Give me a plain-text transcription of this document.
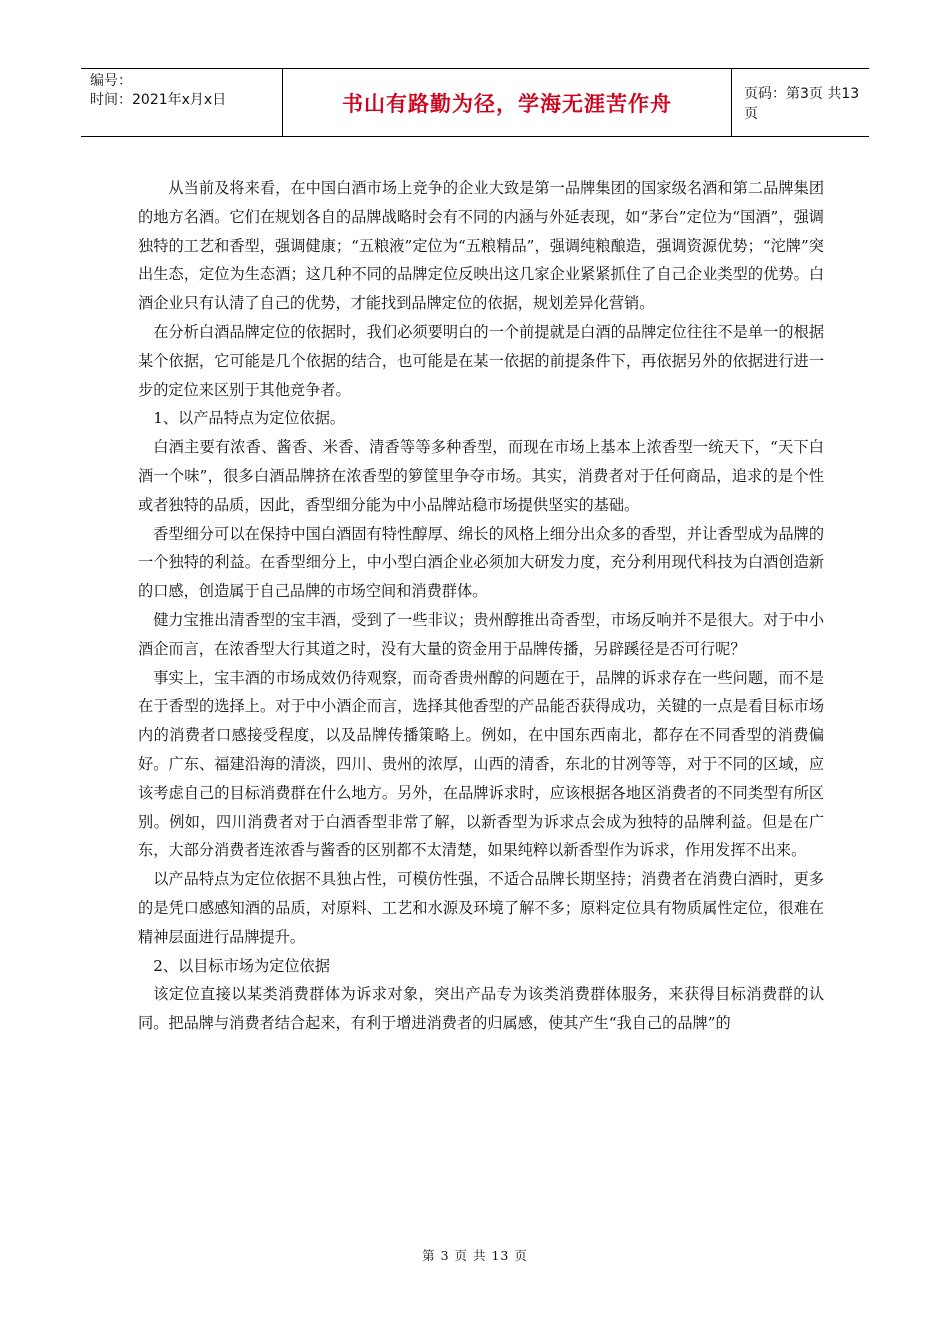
编号：
时间：2021年x月x日	书山有路勤为径，学海无涯苦作舟	页码：第3页 共13页

从当前及将来看，在中国白酒市场上竞争的企业大致是第一品牌集团的国家级名酒和第二品牌集团的地方名酒。它们在规划各自的品牌战略时会有不同的内涵与外延表现，如“茅台”定位为“国酒”，强调独特的工艺和香型，强调健康；“五粮液”定位为“五粮精品”，强调纯粮酿造，强调资源优势；“沱牌”突出生态，定位为生态酒；这几种不同的品牌定位反映出这几家企业紧紧抓住了自己企业类型的优势。白酒企业只有认清了自己的优势，才能找到品牌定位的依据，规划差异化营销。

在分析白酒品牌定位的依据时，我们必须要明白的一个前提就是白酒的品牌定位往往不是单一的根据某个依据，它可能是几个依据的结合，也可能是在某一依据的前提条件下，再依据另外的依据进行进一步的定位来区别于其他竞争者。

1、以产品特点为定位依据。

白酒主要有浓香、酱香、米香、清香等等多种香型，而现在市场上基本上浓香型一统天下，“天下白酒一个味”，很多白酒品牌挤在浓香型的箩筐里争夺市场。其实，消费者对于任何商品，追求的是个性或者独特的品质，因此，香型细分能为中小品牌站稳市场提供坚实的基础。

香型细分可以在保持中国白酒固有特性醇厚、绵长的风格上细分出众多的香型，并让香型成为品牌的一个独特的利益。在香型细分上，中小型白酒企业必须加大研发力度，充分利用现代科技为白酒创造新的口感，创造属于自己品牌的市场空间和消费群体。

健力宝推出清香型的宝丰酒，受到了一些非议；贵州醇推出奇香型，市场反响并不是很大。对于中小酒企而言，在浓香型大行其道之时，没有大量的资金用于品牌传播，另辟蹊径是否可行呢？

事实上，宝丰酒的市场成效仍待观察，而奇香贵州醇的问题在于，品牌的诉求存在一些问题，而不是在于香型的选择上。对于中小酒企而言，选择其他香型的产品能否获得成功，关键的一点是看目标市场内的消费者口感接受程度，以及品牌传播策略上。例如，在中国东西南北，都存在不同香型的消费偏好。广东、福建沿海的清淡，四川、贵州的浓厚，山西的清香，东北的甘冽等等，对于不同的区域，应该考虑自己的目标消费群在什么地方。另外，在品牌诉求时，应该根据各地区消费者的不同类型有所区别。例如，四川消费者对于白酒香型非常了解，以新香型为诉求点会成为独特的品牌利益。但是在广东，大部分消费者连浓香与酱香的区别都不太清楚，如果纯粹以新香型作为诉求，作用发挥不出来。

以产品特点为定位依据不具独占性，可模仿性强，不适合品牌长期坚持；消费者在消费白酒时，更多的是凭口感感知酒的品质，对原料、工艺和水源及环境了解不多；原料定位具有物质属性定位，很难在精神层面进行品牌提升。

2、以目标市场为定位依据

该定位直接以某类消费群体为诉求对象，突出产品专为该类消费群体服务，来获得目标消费群的认同。把品牌与消费者结合起来，有利于增进消费者的归属感，使其产生“我自己的品牌”的

第 3 页 共 13 页
